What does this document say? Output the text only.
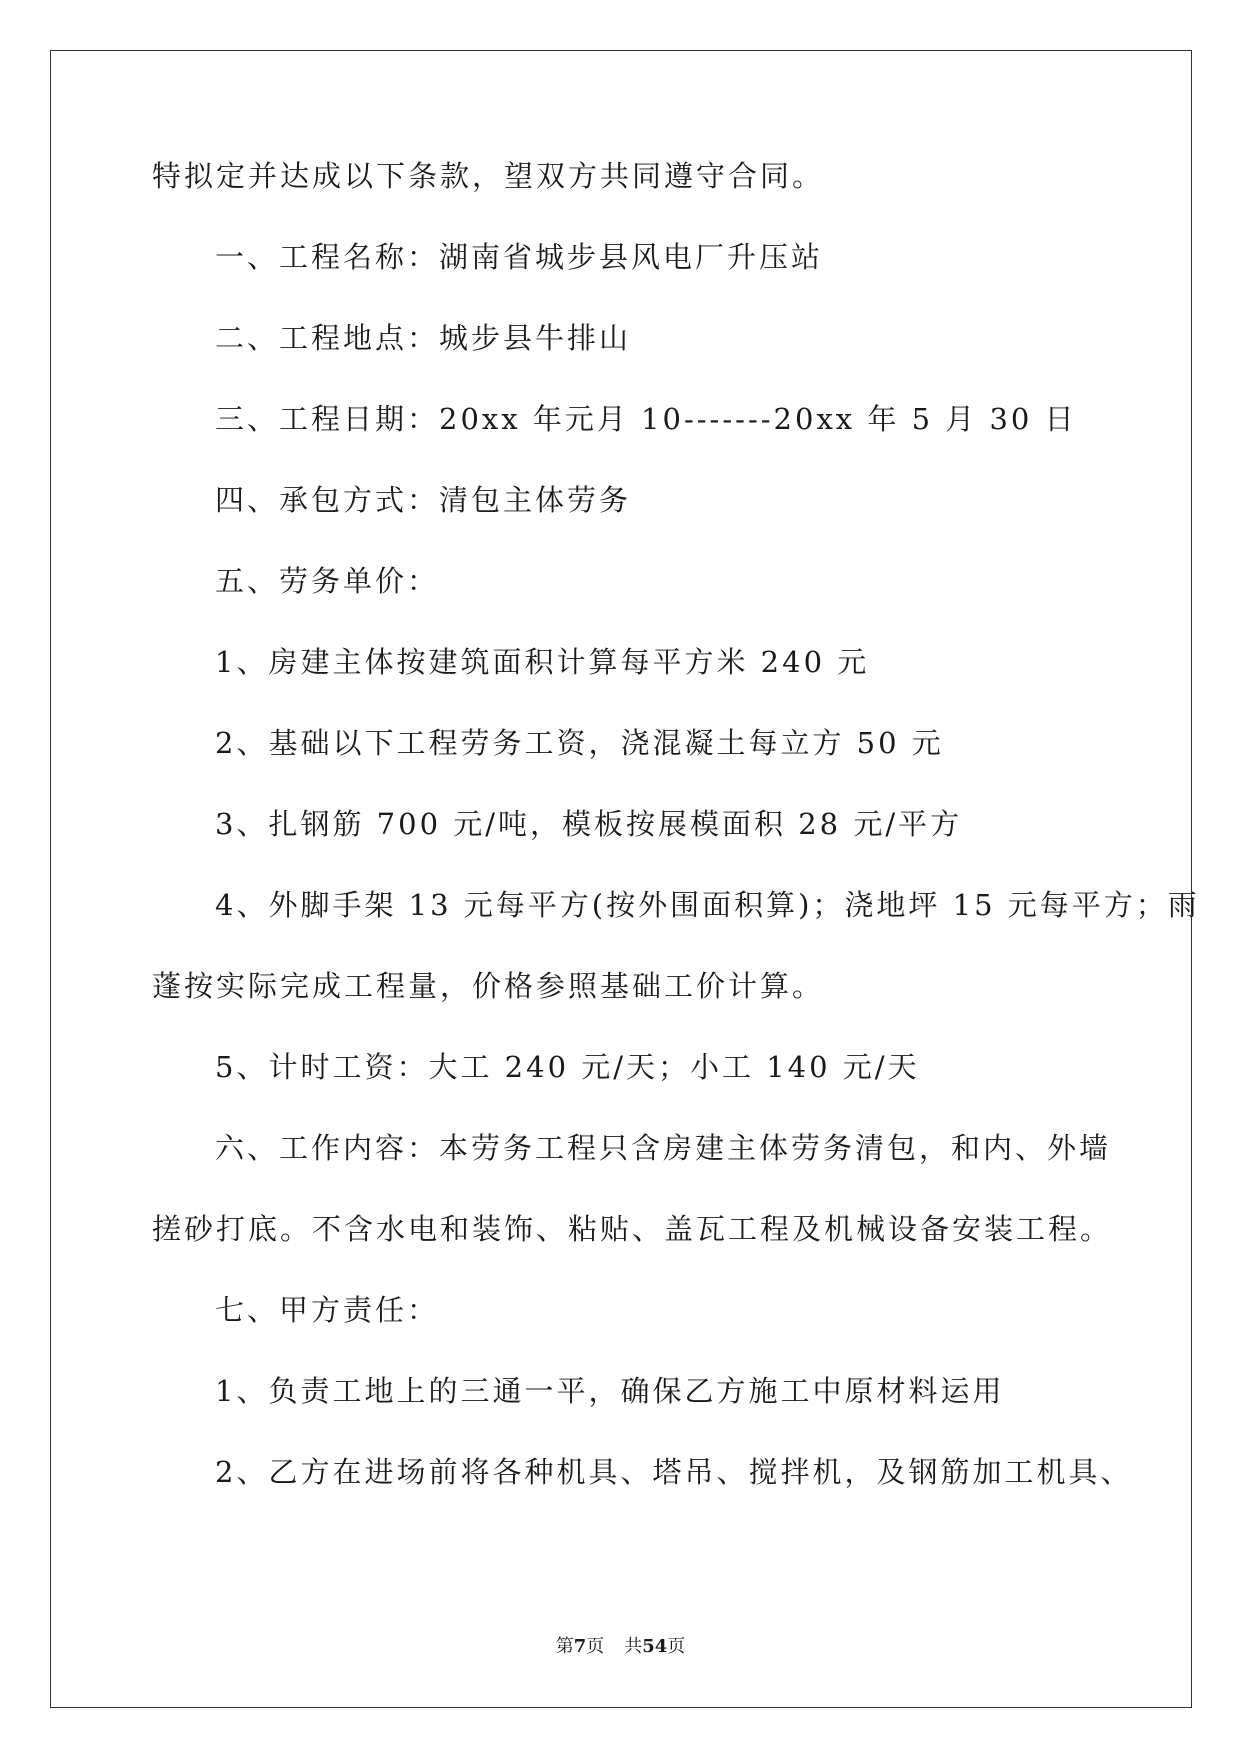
特拟定并达成以下条款，望双方共同遵守合同。
一、工程名称：湖南省城步县风电厂升压站
二、工程地点：城步县牛排山
三、工程日期：20xx 年元月 10-------20xx 年 5 月 30 日
四、承包方式：清包主体劳务
五、劳务单价：
1、房建主体按建筑面积计算每平方米 240 元
2、基础以下工程劳务工资，浇混凝土每立方 50 元
3、扎钢筋 700 元/吨，模板按展模面积 28 元/平方
4、外脚手架 13 元每平方(按外围面积算)；浇地坪 15 元每平方；雨
蓬按实际完成工程量，价格参照基础工价计算。
5、计时工资：大工 240 元/天；小工 140 元/天
六、工作内容：本劳务工程只含房建主体劳务清包，和内、外墙
搓砂打底。不含水电和装饰、粘贴、盖瓦工程及机械设备安装工程。
七、甲方责任：
1、负责工地上的三通一平，确保乙方施工中原材料运用
2、乙方在进场前将各种机具、塔吊、搅拌机，及钢筋加工机具、
第7页 共54页
